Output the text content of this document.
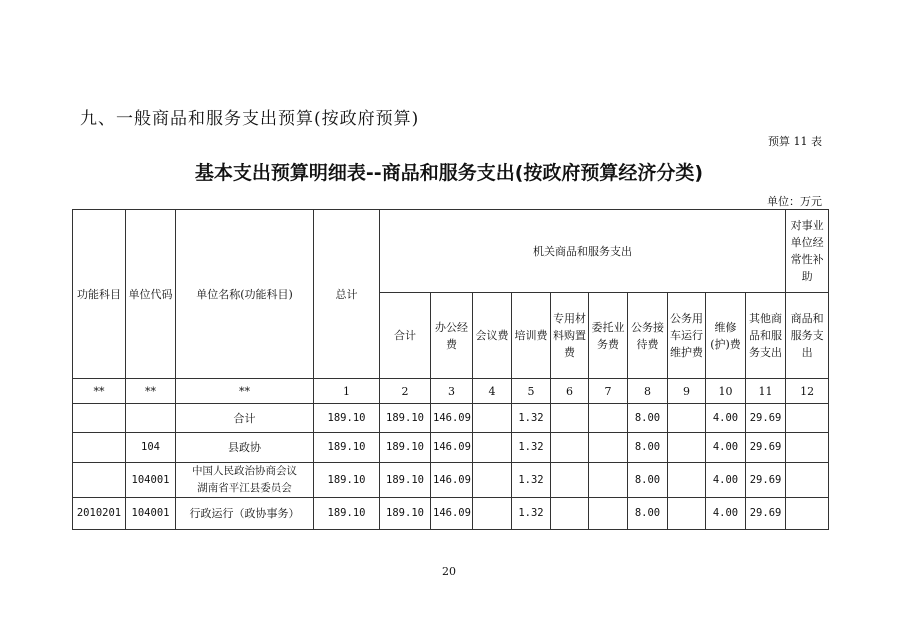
九、一般商品和服务支出预算(按政府预算)
预算 11 表
基本支出预算明细表--商品和服务支出(按政府预算经济分类)
单位：万元
功能科目	单位代码	单位名称(功能科目)	总计	机关商品和服务支出										对事业单位经常性补助
				合计	办公经费	会议费	培训费	专用材料购置费	委托业务费	公务接待费	公务用车运行维护费	维修(护)费	其他商品和服务支出	商品和服务支出
**	**	**	1	2	3	4	5	6	7	8	9	10	11	12
		合计	189.10	189.10	146.09		1.32			8.00		4.00	29.69	
	104	县政协	189.10	189.10	146.09		1.32			8.00		4.00	29.69	
	104001	中国人民政治协商会议
湖南省平江县委员会	189.10	189.10	146.09		1.32			8.00		4.00	29.69	
2010201	104001	行政运行（政协事务）	189.10	189.10	146.09		1.32			8.00		4.00	29.69	
20
